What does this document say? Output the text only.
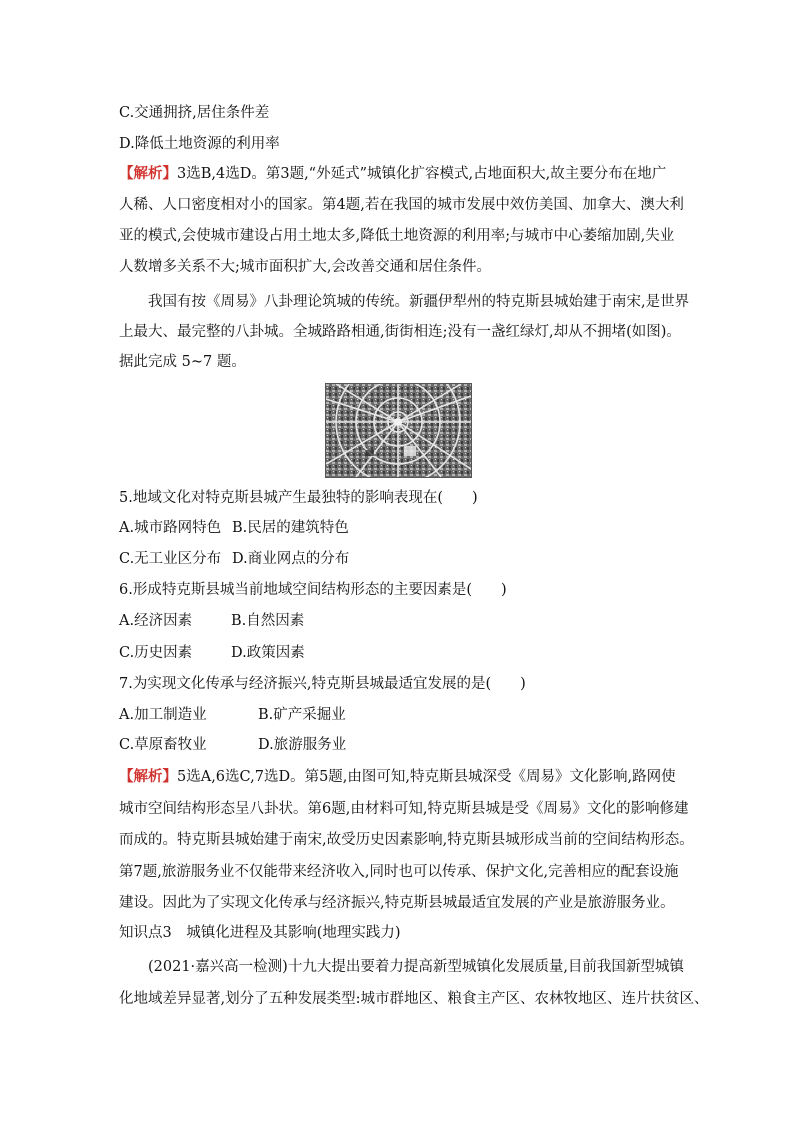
C.交通拥挤,居住条件差
D.降低土地资源的利用率
【解析】3选B,4选D。第3题,“外延式”城镇化扩容模式,占地面积大,故主要分布在地广
人稀、人口密度相对小的国家。第4题,若在我国的城市发展中效仿美国、加拿大、澳大利
亚的模式,会使城市建设占用土地太多,降低土地资源的利用率;与城市中心萎缩加剧,失业
人数增多关系不大;城市面积扩大,会改善交通和居住条件。
我国有按《周易》八卦理论筑城的传统。新疆伊犁州的特克斯县城始建于南宋,是世界
上最大、最完整的八卦城。全城路路相通,街街相连;没有一盏红绿灯,却从不拥堵(如图)。
据此完成 5~7 题。
5.地域文化对特克斯县城产生最独特的影响表现在(　　)
A.城市路网特色 B.民居的建筑特色
C.无工业区分布 D.商业网点的分布
6.形成特克斯县城当前地域空间结构形态的主要因素是(　　)
A.经济因素	B.自然因素
C.历史因素	D.政策因素
7.为实现文化传承与经济振兴,特克斯县城最适宜发展的是(　　)
A.加工制造业	B.矿产采掘业
C.草原畜牧业	D.旅游服务业
【解析】5选A,6选C,7选D。第5题,由图可知,特克斯县城深受《周易》文化影响,路网使
城市空间结构形态呈八卦状。第6题,由材料可知,特克斯县城是受《周易》文化的影响修建
而成的。特克斯县城始建于南宋,故受历史因素影响,特克斯县城形成当前的空间结构形态。
第7题,旅游服务业不仅能带来经济收入,同时也可以传承、保护文化,完善相应的配套设施
建设。因此为了实现文化传承与经济振兴,特克斯县城最适宜发展的产业是旅游服务业。
知识点3　城镇化进程及其影响(地理实践力)
(2021·嘉兴高一检测)十九大提出要着力提高新型城镇化发展质量,目前我国新型城镇
化地域差异显著,划分了五种发展类型:城市群地区、粮食主产区、农林牧地区、连片扶贫区、
